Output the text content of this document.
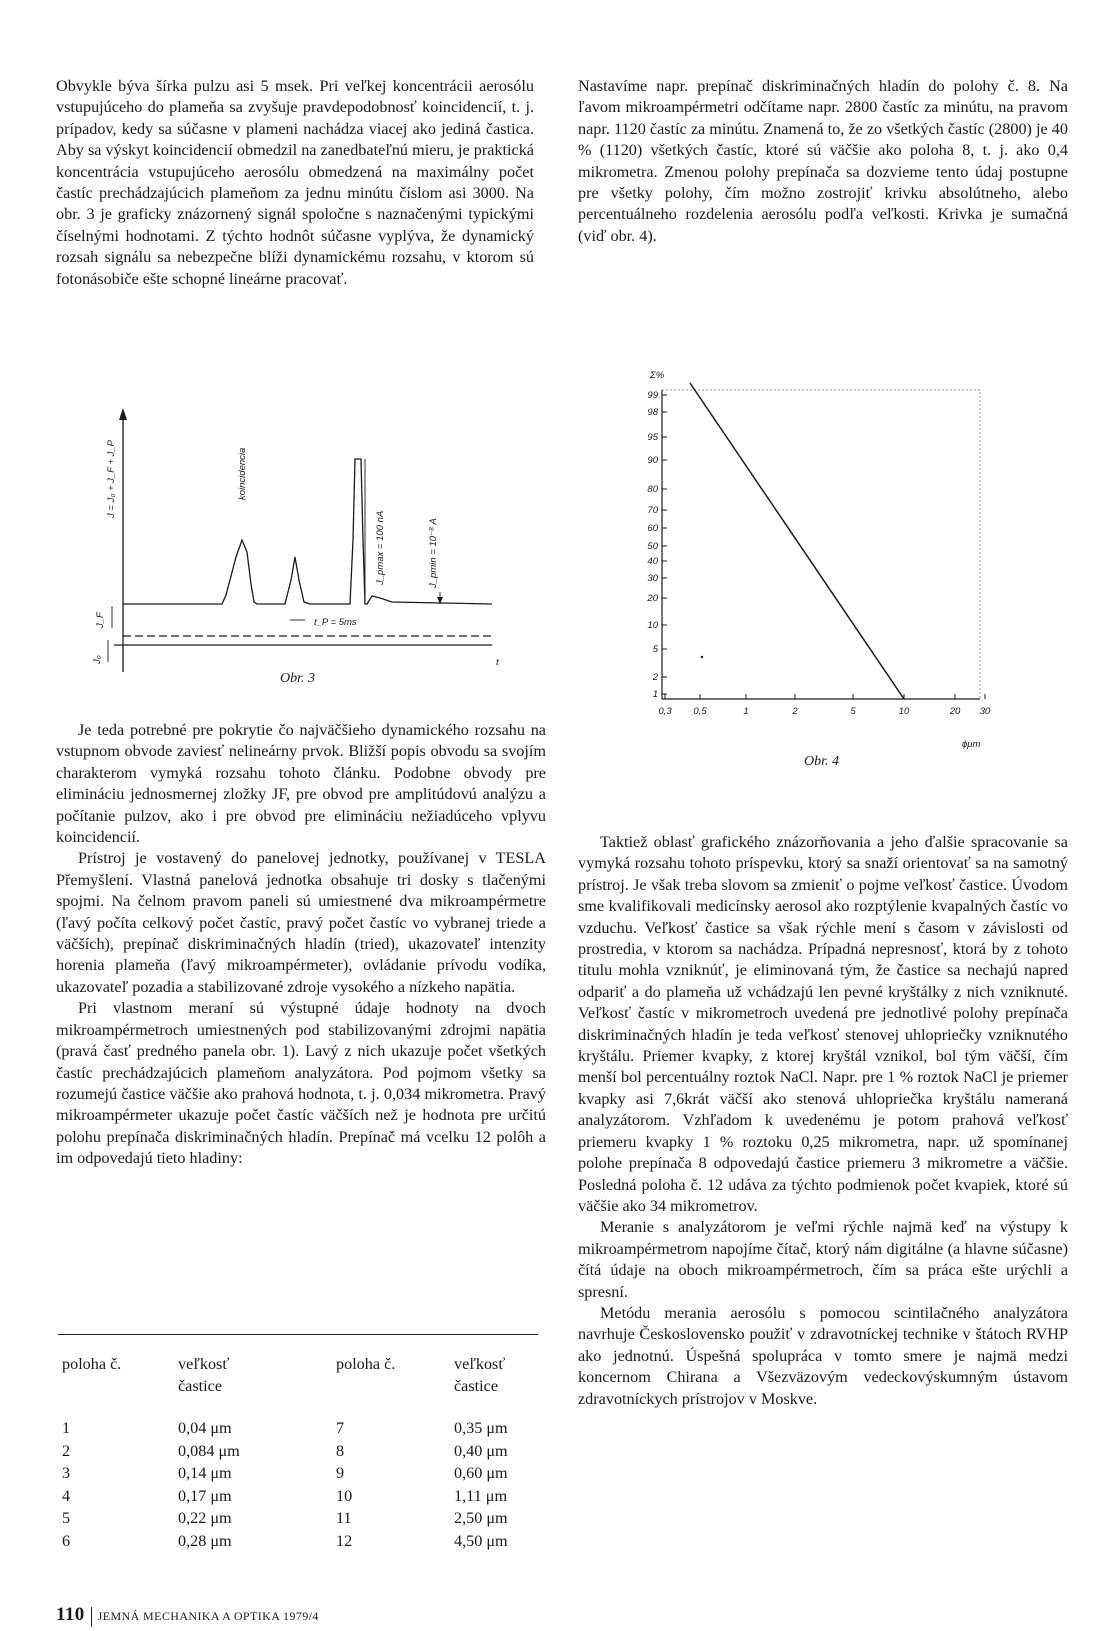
Obvykle býva šírka pulzu asi 5 msek. Pri veľkej koncentrácii aerosólu vstupujúceho do plameňa sa zvyšuje pravdepodobnosť koincidencií, t. j. prípadov, kedy sa súčasne v plameni nachádza viacej ako jediná častica. Aby sa výskyt koincidencií obmedzil na zanedbateľnú mieru, je praktická koncentrácia vstupujúceho aerosólu obmedzená na maximálny počet častíc prechádzajúcich plameňom za jednu minútu číslom asi 3000. Na obr. 3 je graficky znázornený signál spoločne s naznačenými typickými číselnými hodnotami. Z týchto hodnôt súčasne vyplýva, že dynamický rozsah signálu sa nebezpečne blíži dynamickému rozsahu, v ktorom sú fotonásobiče ešte schopné lineárne pracovať.

Nastavíme napr. prepínač diskriminačných hladín do polohy č. 8. Na ľavom mikroampérmetri odčítame napr. 2800 častíc za minútu, na pravom napr. 1120 častíc za minútu. Znamená to, že zo všetkých častíc (2800) je 40 % (1120) všetkých častíc, ktoré sú väčšie ako poloha 8, t. j. ako 0,4 mikrometra. Zmenou polohy prepínača sa dozvieme tento údaj postupne pre všetky polohy, čím možno zostrojiť krivku absolútneho, alebo percentuálneho rozdelenia aerosólu podľa veľkosti. Krivka je sumačná (viď obr. 4).

J = J₀ + J_F + J_P
J_F
J₀
koincidencia
J_pmax = 100 nA	J_pmin = 10⁻⁸ A
t_P = 5ms
t
Obr. 3
99
98
95
90
80
70
60
50
40
30
20
10
5
2
1
0,3 0,5	1	2	5	10	20 30
Σ%
ϕμm
Obr. 4

Je teda potrebné pre pokrytie čo najväčšieho dynamického rozsahu na vstupnom obvode zaviesť nelineárny prvok. Bližší popis obvodu sa svojím charakterom vymyká rozsahu tohoto článku. Podobne obvody pre elimináciu jednosmernej zložky JF, pre obvod pre amplitúdovú analýzu a počítanie pulzov, ako i pre obvod pre elimináciu nežiadúceho vplyvu koincidencií.

Prístroj je vostavený do panelovej jednotky, používanej v TESLA Přemyšlení. Vlastná panelová jednotka obsahuje tri dosky s tlačenými spojmi. Na čelnom pravom paneli sú umiestnené dva mikroampérmetre (ľavý počíta celkový počet častíc, pravý počet častíc vo vybranej triede a väčších), prepínač diskriminačných hladín (tried), ukazovateľ intenzity horenia plameňa (ľavý mikroampérmeter), ovládanie prívodu vodíka, ukazovateľ pozadia a stabilizované zdroje vysokého a nízkeho napätia.

Pri vlastnom meraní sú výstupné údaje hodnoty na dvoch mikroampérmetroch umiestnených pod stabilizovanými zdrojmi napätia (pravá časť predného panela obr. 1). Lavý z nich ukazuje počet všetkých častíc prechádzajúcich plameňom analyzátora. Pod pojmom všetky sa rozumejú častice väčšie ako prahová hodnota, t. j. 0,034 mikrometra. Pravý mikroampérmeter ukazuje počet častíc väčších než je hodnota pre určitú polohu prepínača diskriminačných hladín. Prepínač má vcelku 12 polôh a im odpovedajú tieto hladiny:

Taktiež oblasť grafického znázorňovania a jeho ďalšie spracovanie sa vymyká rozsahu tohoto príspevku, ktorý sa snaží orientovať sa na samotný prístroj. Je však treba slovom sa zmieniť o pojme veľkosť častice. Úvodom sme kvalifikovali medicínsky aerosol ako rozptýlenie kvapalných častíc vo vzduchu. Veľkosť častice sa však rýchle mení s časom v závislosti od prostredia, v ktorom sa nachádza. Prípadná nepresnosť, ktorá by z tohoto titulu mohla vzniknúť, je eliminovaná tým, že častice sa nechajú napred odpariť a do plameňa už vchádzajú len pevné kryštálky z nich vzniknuté. Veľkosť častíc v mikrometroch uvedená pre jednotlivé polohy prepínača diskriminačných hladín je teda veľkosť stenovej uhlopriečky vzniknutého kryštálu. Priemer kvapky, z ktorej kryštál vznikol, bol tým väčší, čím menší bol percentuálny roztok NaCl. Napr. pre 1 % roztok NaCl je priemer kvapky asi 7,6krát väčší ako stenová uhlopriečka kryštálu nameraná analyzátorom. Vzhľadom k uvedenému je potom prahová veľkosť priemeru kvapky 1 % roztoku 0,25 mikrometra, napr. už spomínanej polohe prepínača 8 odpovedajú častice priemeru 3 mikrometre a väčšie. Posledná poloha č. 12 udáva za týchto podmienok počet kvapiek, ktoré sú väčšie ako 34 mikrometrov.

Meranie s analyzátorom je veľmi rýchle najmä keď na výstupy k mikroampérmetrom napojíme čítač, ktorý nám digitálne (a hlavne súčasne) čítá údaje na oboch mikroampérmetroch, čím sa práca ešte urýchli a spresní.

Metódu merania aerosólu s pomocou scintilačného analyzátora navrhuje Československo použiť v zdravotníckej technike v štátoch RVHP ako jednotnú. Úspešná spolupráca v tomto smere je najmä medzi koncernom Chirana a Všezväzovým vedeckovýskumným ústavom zdravotníckych prístrojov v Moskve.

poloha č.	veľkosť
častice
poloha č.	veľkosť
častice
1	0,04 μm	7	0,35 μm
2	0,084 μm	8	0,40 μm
3	0,14 μm	9	0,60 μm
4	0,17 μm	10	1,11 μm
5	0,22 μm	11	2,50 μm
6	0,28 μm	12	4,50 μm
110 JEMNÁ MECHANIKA A OPTIKA 1979/4
